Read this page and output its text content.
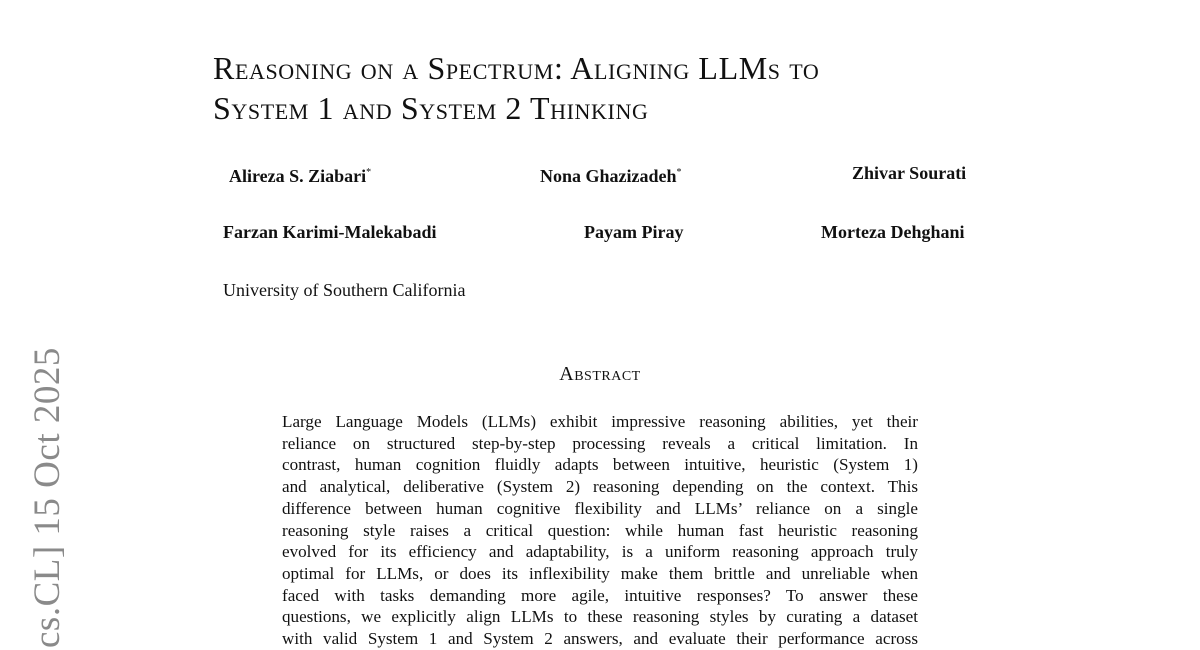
cs.CL] 15 Oct 2025
Reasoning on a Spectrum: Aligning LLMs to
System 1 and System 2 Thinking
Alireza S. Ziabari*	Nona Ghazizadeh*	Zhivar Sourati
Farzan Karimi-Malekabadi	Payam Piray	Morteza Dehghani
University of Southern California
Abstract
Large Language Models (LLMs) exhibit impressive reasoning abilities, yet their
reliance on structured step-by-step processing reveals a critical limitation. In
contrast, human cognition fluidly adapts between intuitive, heuristic (System 1)
and analytical, deliberative (System 2) reasoning depending on the context. This
difference between human cognitive flexibility and LLMs’ reliance on a single
reasoning style raises a critical question: while human fast heuristic reasoning
evolved for its efficiency and adaptability, is a uniform reasoning approach truly
optimal for LLMs, or does its inflexibility make them brittle and unreliable when
faced with tasks demanding more agile, intuitive responses? To answer these
questions, we explicitly align LLMs to these reasoning styles by curating a dataset
with valid System 1 and System 2 answers, and evaluate their performance across
